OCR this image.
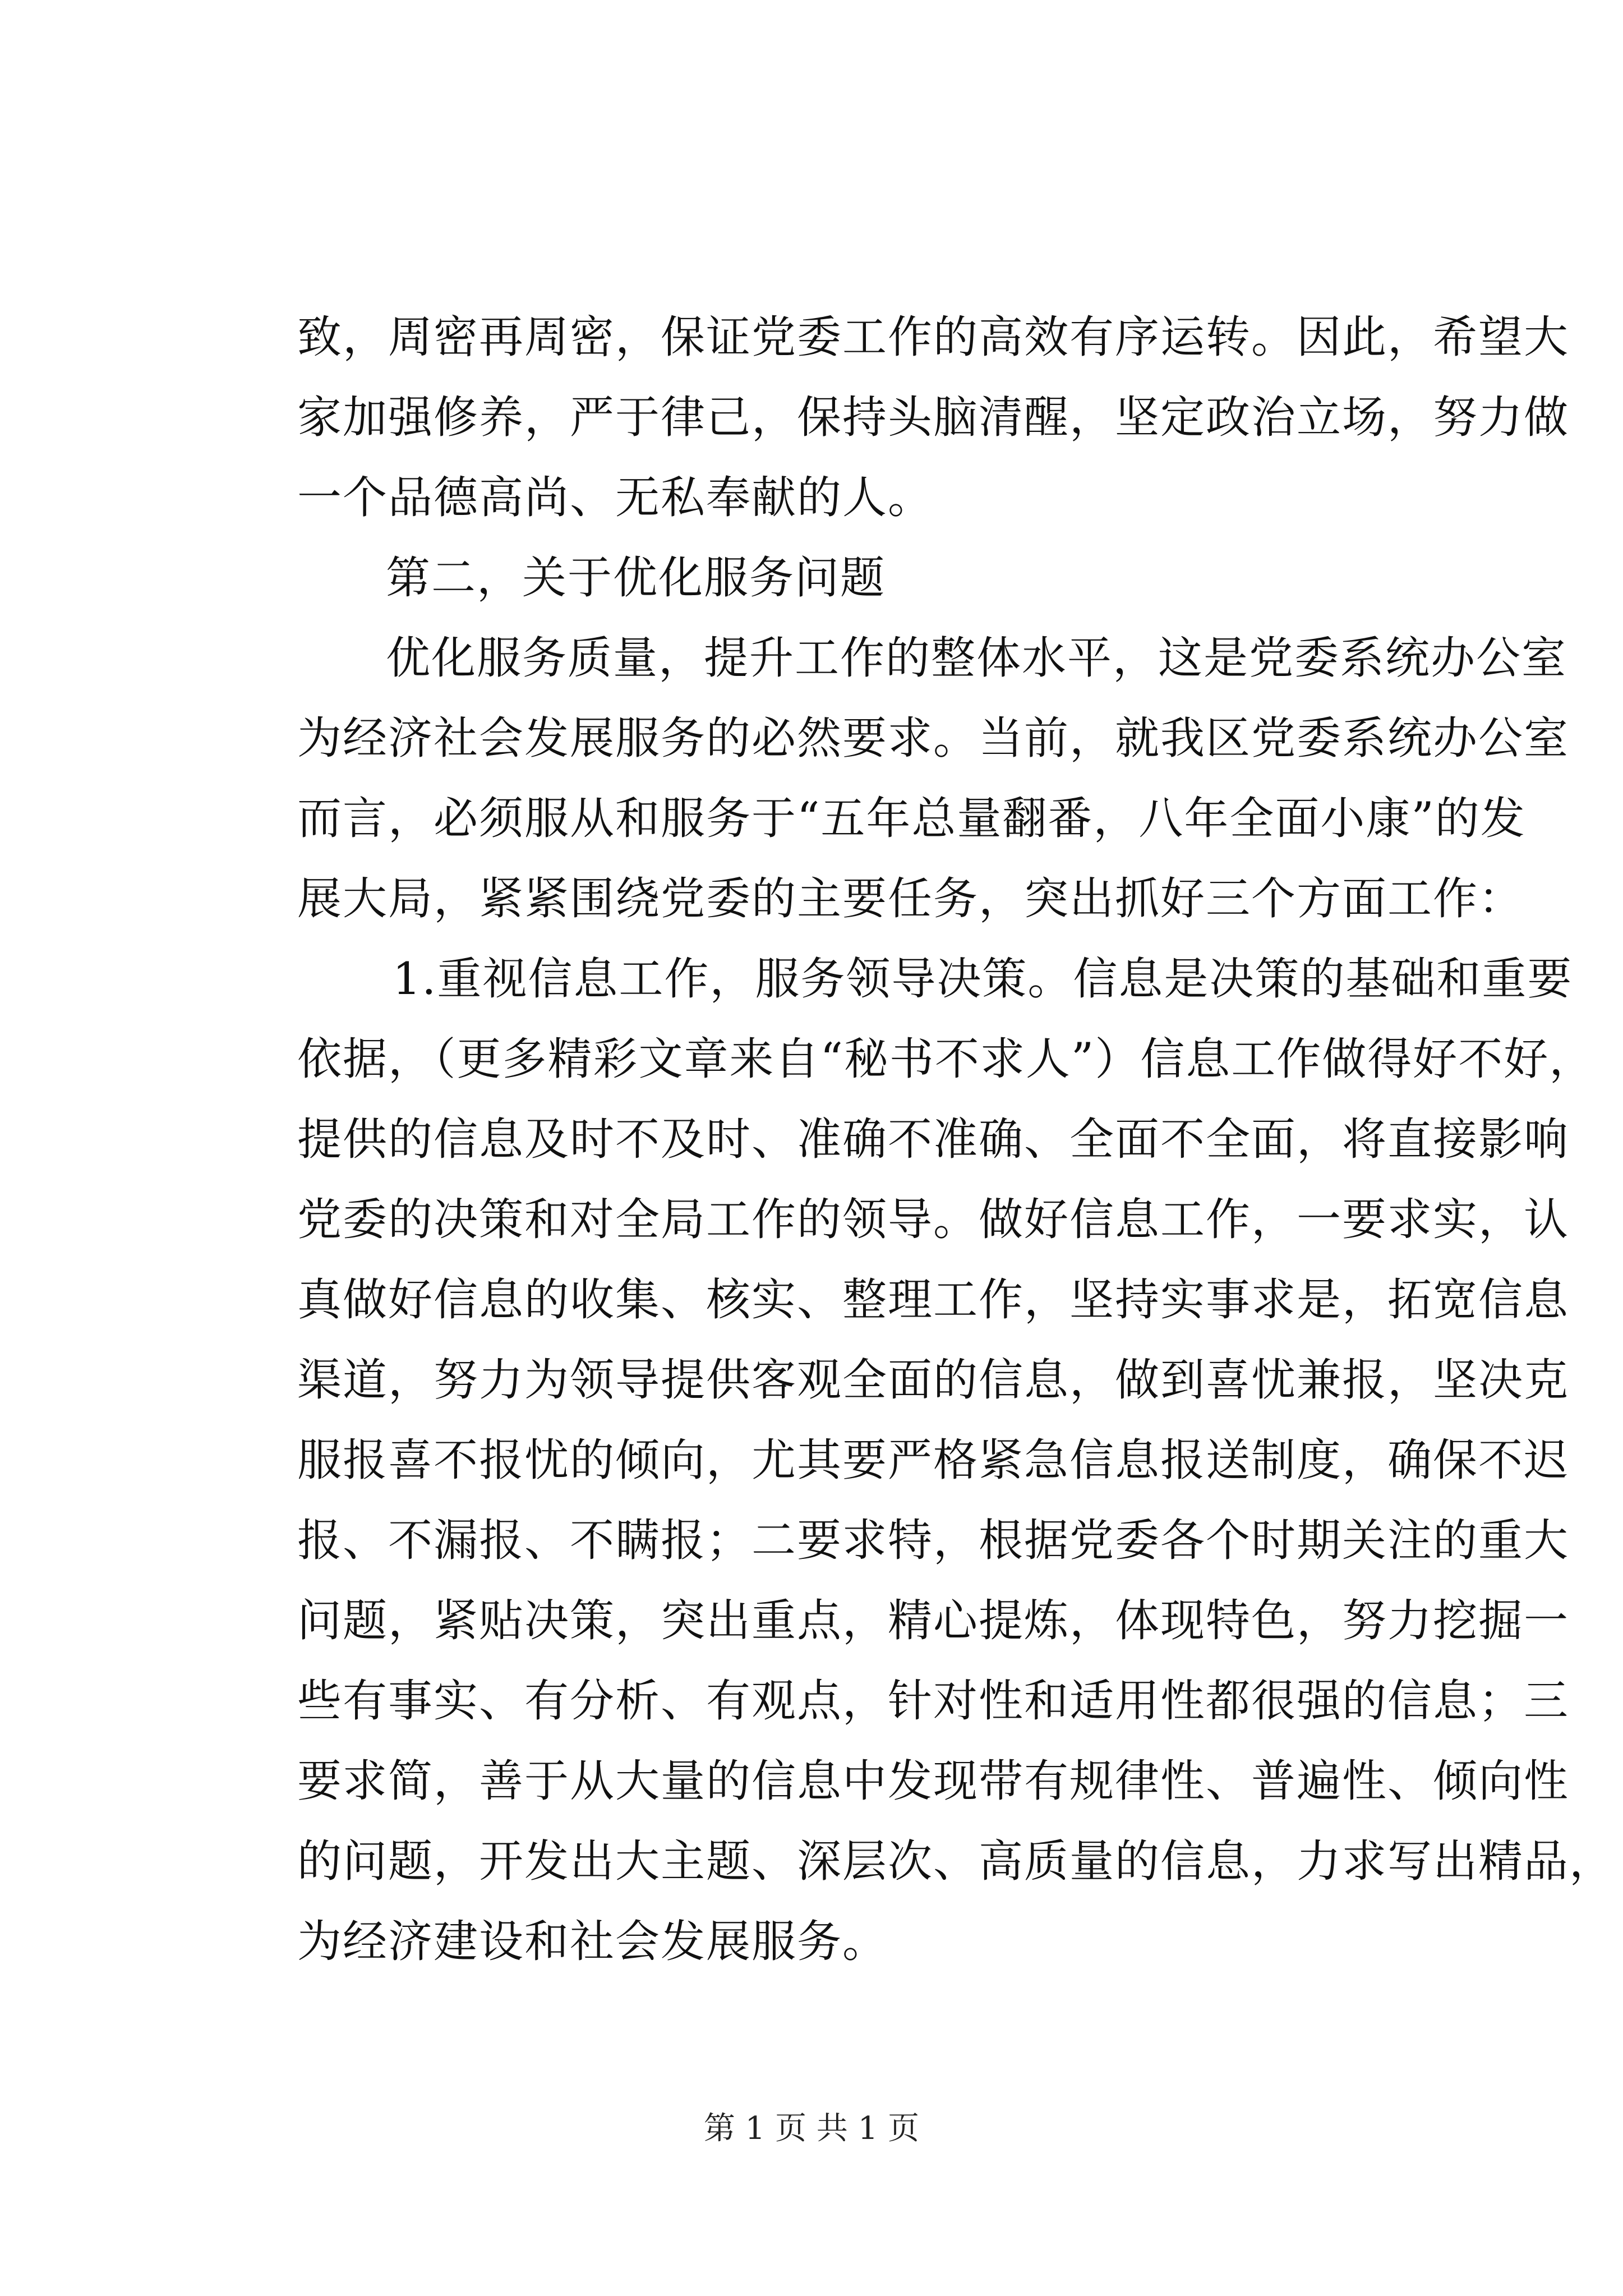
致，周密再周密，保证党委工作的高效有序运转。因此，希望大
家加强修养，严于律己，保持头脑清醒，坚定政治立场，努力做
一个品德高尚、无私奉献的人。
第二，关于优化服务问题
优化服务质量，提升工作的整体水平，这是党委系统办公室
为经济社会发展服务的必然要求。当前，就我区党委系统办公室
而言，必须服从和服务于“五年总量翻番，八年全面小康”的发
展大局，紧紧围绕党委的主要任务，突出抓好三个方面工作：
1.重视信息工作，服务领导决策。信息是决策的基础和重要
依据，（更多精彩文章来自“秘书不求人”）信息工作做得好不好，
提供的信息及时不及时、准确不准确、全面不全面，将直接影响
党委的决策和对全局工作的领导。做好信息工作，一要求实，认
真做好信息的收集、核实、整理工作，坚持实事求是，拓宽信息
渠道，努力为领导提供客观全面的信息，做到喜忧兼报，坚决克
服报喜不报忧的倾向，尤其要严格紧急信息报送制度，确保不迟
报、不漏报、不瞒报；二要求特，根据党委各个时期关注的重大
问题，紧贴决策，突出重点，精心提炼，体现特色，努力挖掘一
些有事实、有分析、有观点，针对性和适用性都很强的信息；三
要求简，善于从大量的信息中发现带有规律性、普遍性、倾向性
的问题，开发出大主题、深层次、高质量的信息，力求写出精品，
为经济建设和社会发展服务。
第 1 页 共 1 页
